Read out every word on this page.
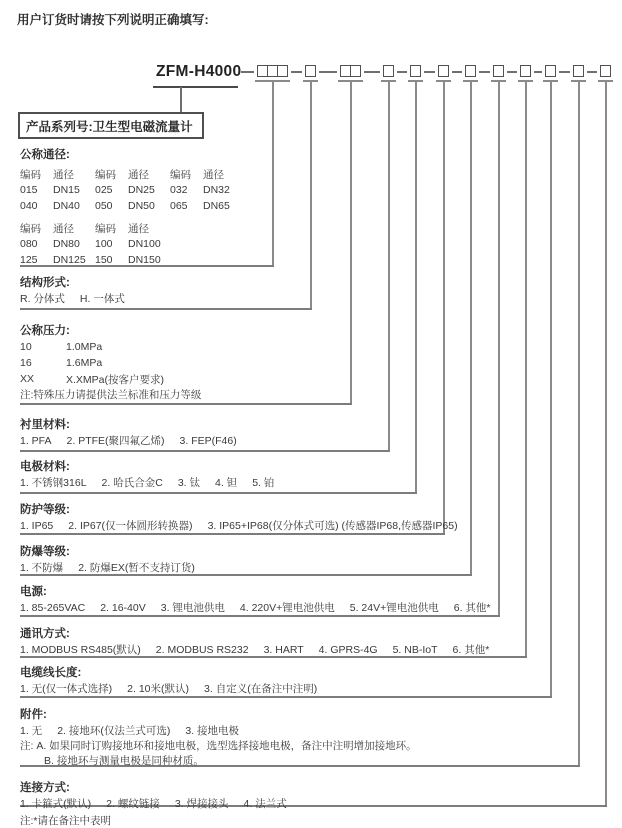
用户订货时请按下列说明正确填写:
ZFM-H4000
产品系列号:卫生型电磁流量计
公称通径:
编码	通径	编码	通径	编码	通径
015	DN15	025	DN25	032	DN32
040	DN40	050	DN50	065	DN65
编码	通径	编码	通径
080	DN80	100	DN100
125	DN125 150	DN150
结构形式:
R. 分体式 H. 一体式
公称压力:
10	1.0MPa
16	1.6MPa
XX	X.XMPa(按客户要求)
注:特殊压力请提供法兰标准和压力等级
衬里材料:
1. PFA 2. PTFE(聚四氟乙烯) 3. FEP(F46)
电极材料:
1. 不锈钢316L 2. 哈氏合金C 3. 钛 4. 钽 5. 铂
防护等级:
1. IP65 2. IP67(仅一体圆形转换器) 3. IP65+IP68(仅分体式可选) (传感器IP68,传感器IP65)
防爆等级:
1. 不防爆 2. 防爆EX(暂不支持订货)
电源:
1. 85-265VAC 2. 16-40V 3. 锂电池供电 4. 220V+锂电池供电 5. 24V+锂电池供电 6. 其他*
通讯方式:
1. MODBUS RS485(默认) 2. MODBUS RS232 3. HART 4. GPRS-4G 5. NB-IoT 6. 其他*
电缆线长度:
1. 无(仅一体式选择) 2. 10米(默认) 3. 自定义(在备注中注明)
附件:
1. 无 2. 接地环(仅法兰式可选) 3. 接地电极
注: A. 如果同时订购接地环和接地电极，选型选择接地电极，备注中注明增加接地环。
B. 接地环与测量电极是同种材质。
连接方式:
1. 卡箍式(默认) 2. 螺纹链接 3. 焊接接头 4. 法兰式
注:*请在备注中表明
